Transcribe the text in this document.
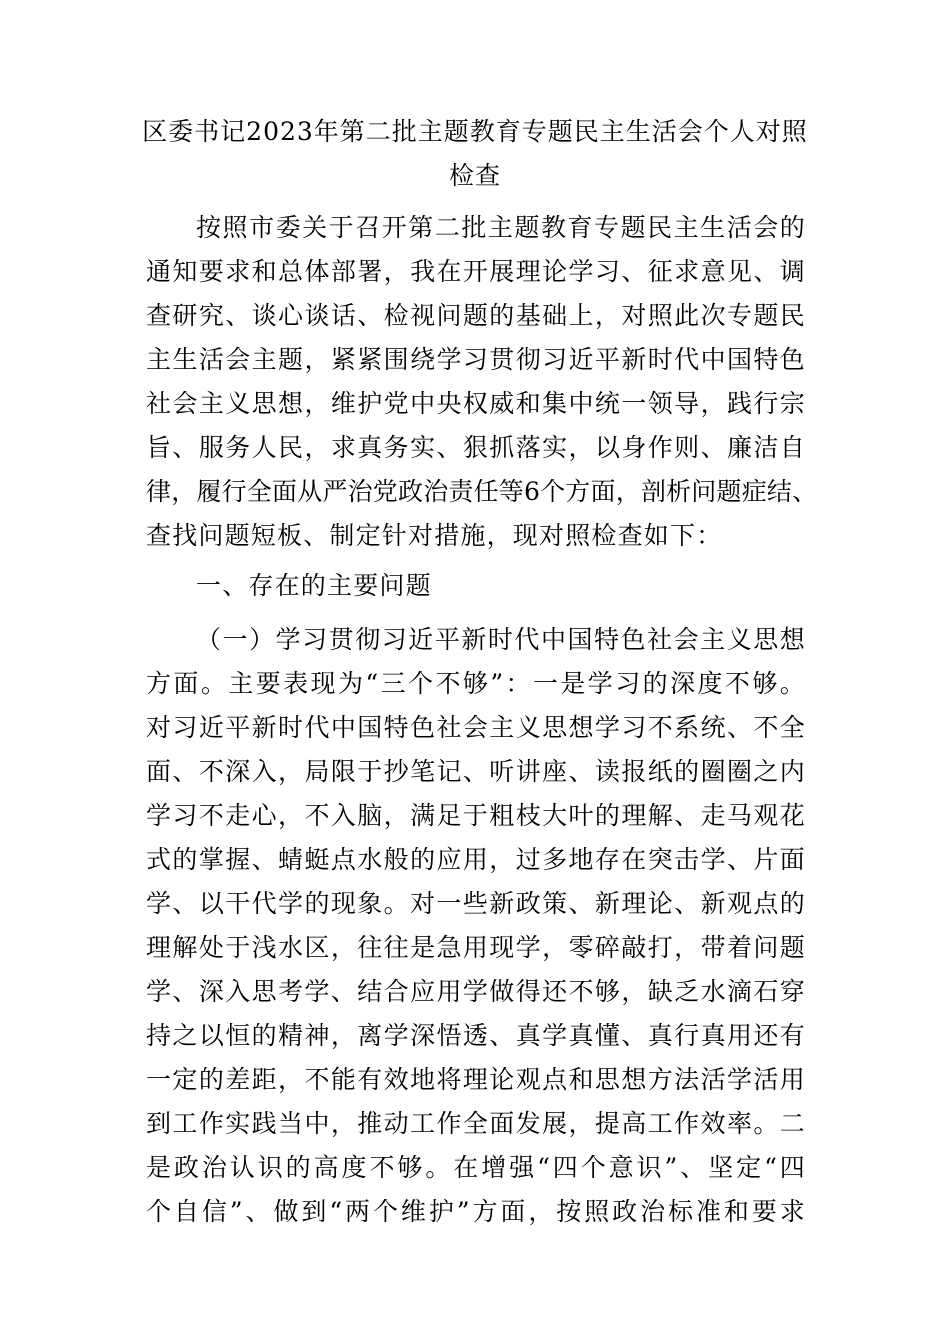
区委书记2023年第二批主题教育专题民主生活会个人对照
检查
按照市委关于召开第二批主题教育专题民主生活会的
通知要求和总体部署，我在开展理论学习、征求意见、调
查研究、谈心谈话、检视问题的基础上，对照此次专题民
主生活会主题，紧紧围绕学习贯彻习近平新时代中国特色
社会主义思想，维护党中央权威和集中统一领导，践行宗
旨、服务人民，求真务实、狠抓落实，以身作则、廉洁自
律，履行全面从严治党政治责任等6个方面，剖析问题症结、
查找问题短板、制定针对措施，现对照检查如下：
一、存在的主要问题
（一）学习贯彻习近平新时代中国特色社会主义思想
方面。主要表现为“三个不够”：一是学习的深度不够。
对习近平新时代中国特色社会主义思想学习不系统、不全
面、不深入，局限于抄笔记、听讲座、读报纸的圈圈之内
学习不走心，不入脑，满足于粗枝大叶的理解、走马观花
式的掌握、蜻蜓点水般的应用，过多地存在突击学、片面
学、以干代学的现象。对一些新政策、新理论、新观点的
理解处于浅水区，往往是急用现学，零碎敲打，带着问题
学、深入思考学、结合应用学做得还不够，缺乏水滴石穿
持之以恒的精神，离学深悟透、真学真懂、真行真用还有
一定的差距，不能有效地将理论观点和思想方法活学活用
到工作实践当中，推动工作全面发展，提高工作效率。二
是政治认识的高度不够。在增强“四个意识”、坚定“四
个自信”、做到“两个维护”方面，按照政治标准和要求
